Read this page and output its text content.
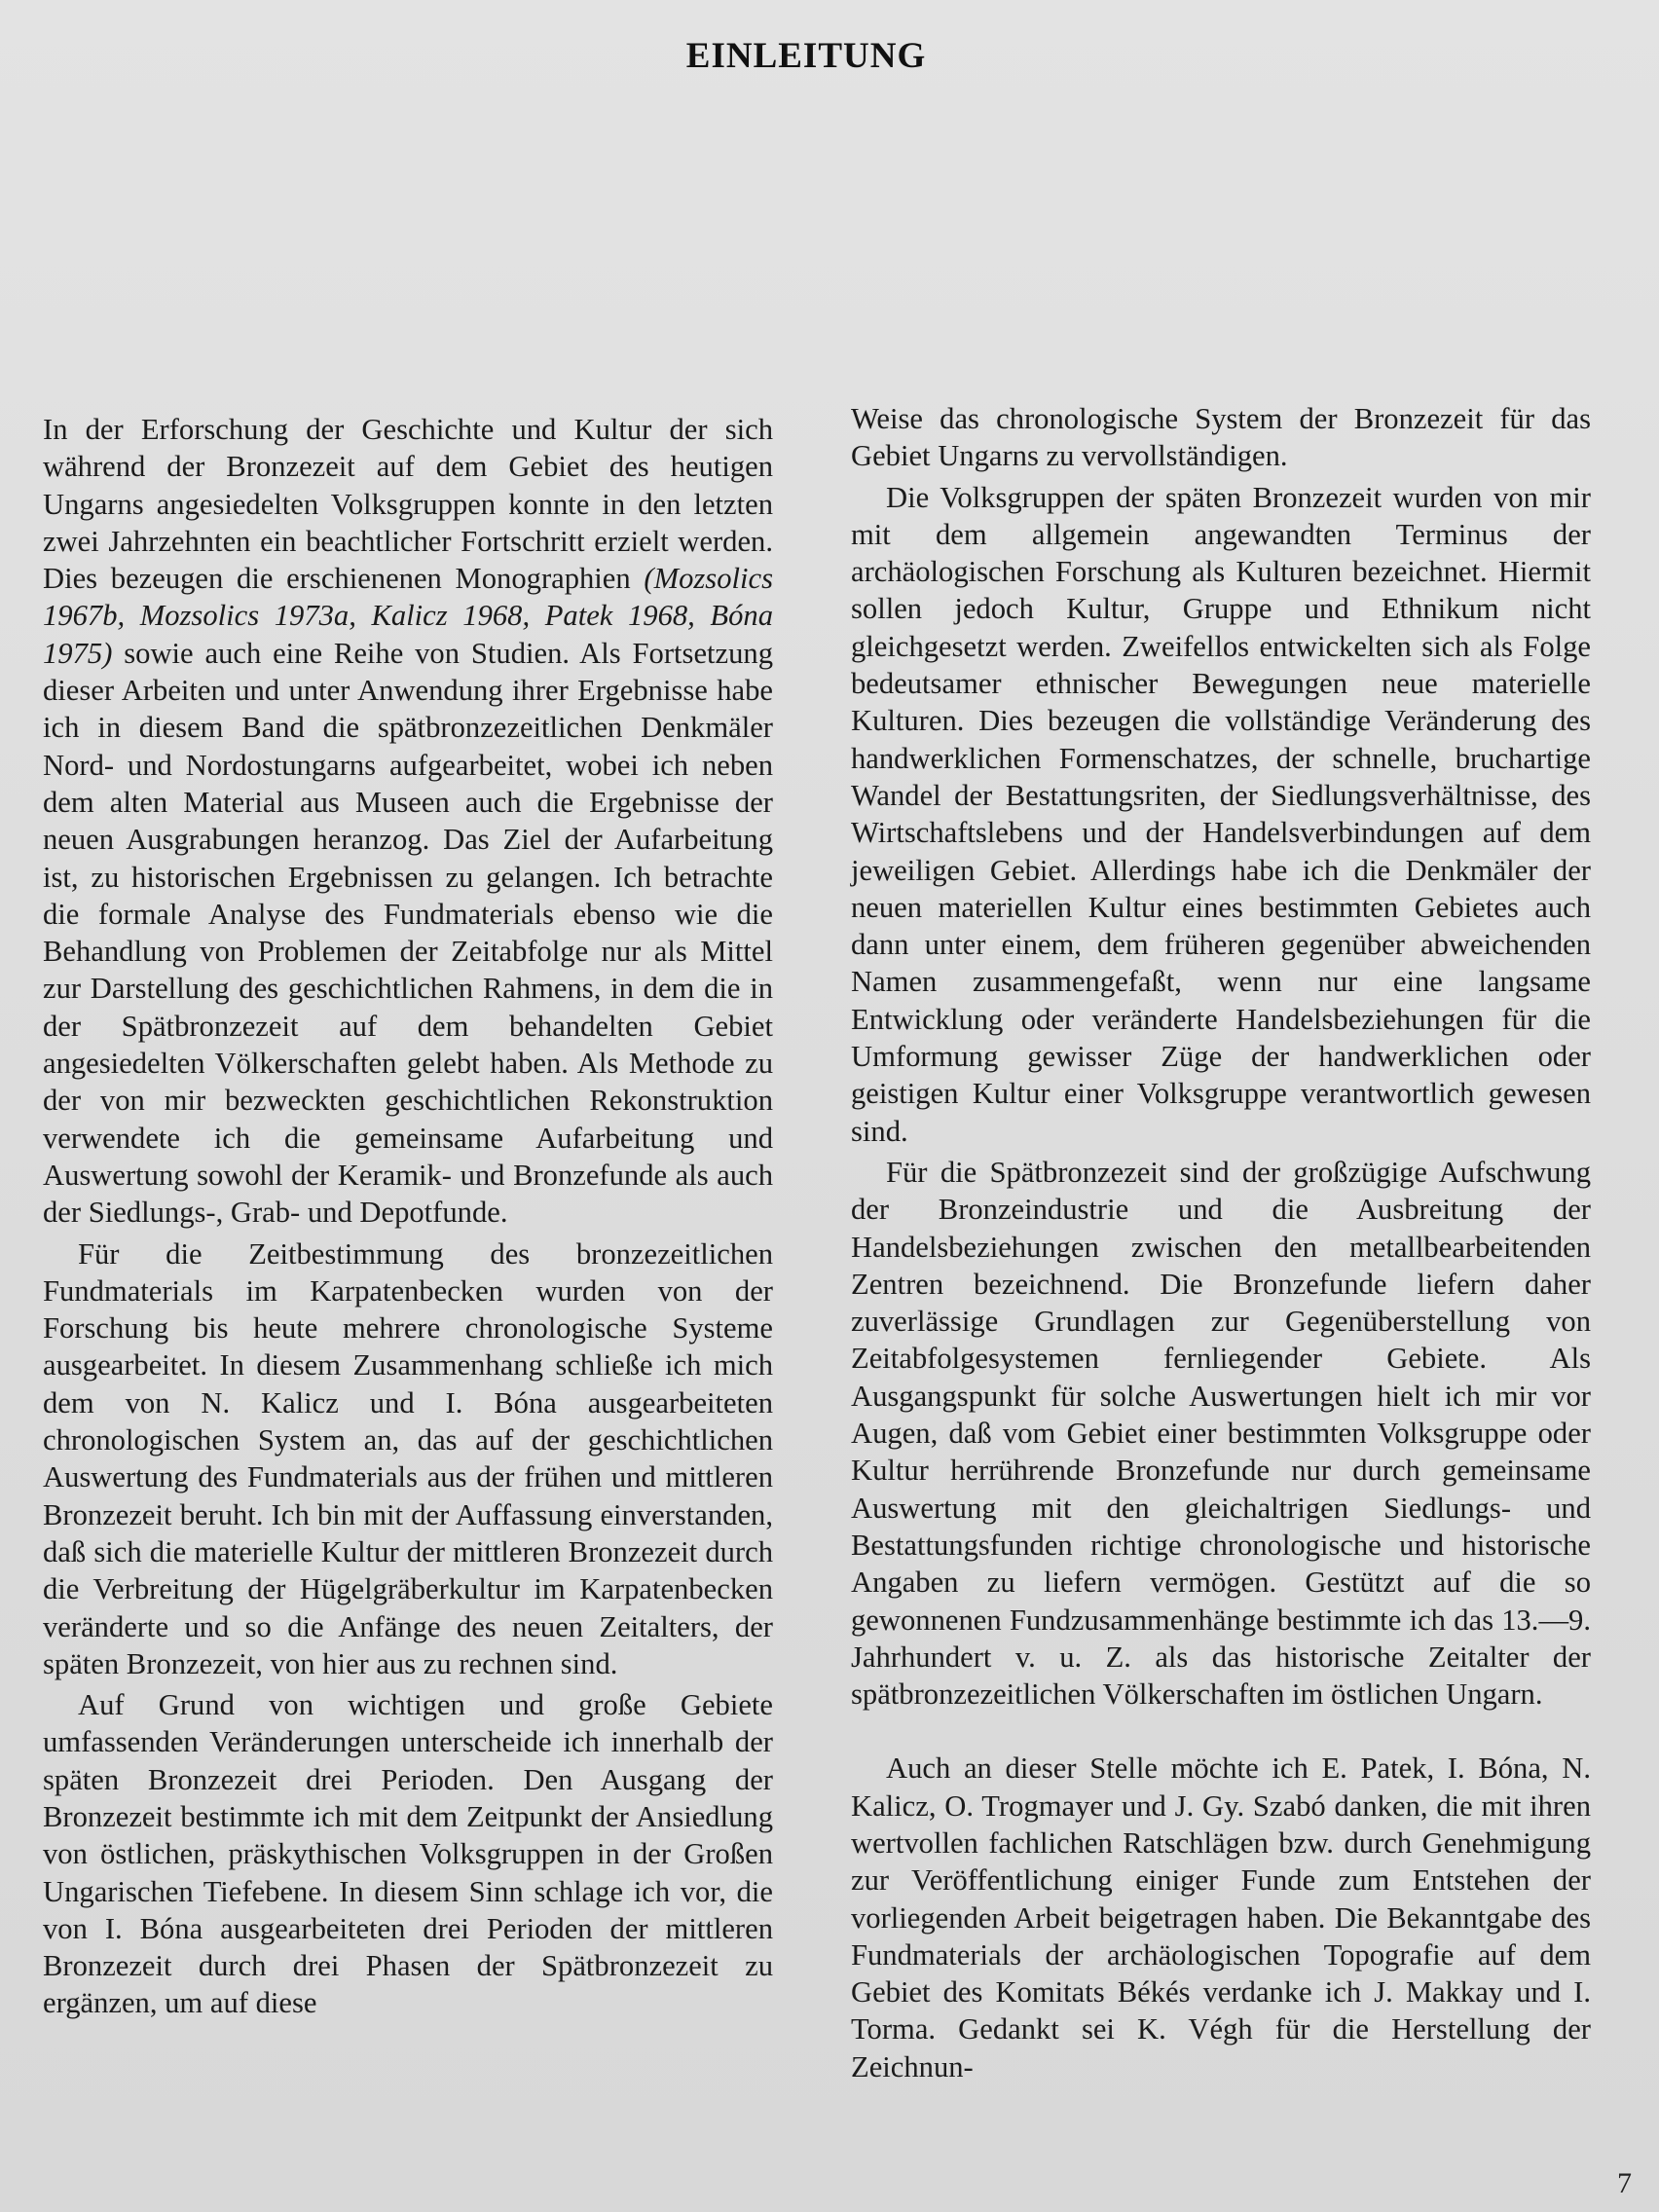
EINLEITUNG

In der Erforschung der Geschichte und Kultur der sich während der Bronzezeit auf dem Gebiet des heutigen Ungarns angesiedelten Volksgruppen konnte in den letzten zwei Jahrzehnten ein beachtlicher Fortschritt erzielt werden. Dies bezeugen die erschienenen Monographien (Mozsolics 1967b, Mozsolics 1973a, Kalicz 1968, Patek 1968, Bóna 1975) sowie auch eine Reihe von Studien. Als Fortsetzung dieser Arbeiten und unter Anwendung ihrer Ergebnisse habe ich in diesem Band die spätbronzezeitlichen Denkmäler Nord- und Nordostungarns aufgearbeitet, wobei ich neben dem alten Material aus Museen auch die Ergebnisse der neuen Ausgrabungen heranzog. Das Ziel der Aufarbeitung ist, zu historischen Ergebnissen zu gelangen. Ich betrachte die formale Analyse des Fundmaterials ebenso wie die Behandlung von Problemen der Zeitabfolge nur als Mittel zur Darstellung des geschichtlichen Rahmens, in dem die in der Spätbronzezeit auf dem behandelten Gebiet angesiedelten Völkerschaften gelebt haben. Als Methode zu der von mir bezweckten geschichtlichen Rekonstruktion verwendete ich die gemeinsame Aufarbeitung und Auswertung sowohl der Keramik- und Bronzefunde als auch der Siedlungs-, Grab- und Depotfunde.

Für die Zeitbestimmung des bronzezeitlichen Fundmaterials im Karpatenbecken wurden von der Forschung bis heute mehrere chronologische Systeme ausgearbeitet. In diesem Zusammenhang schließe ich mich dem von N. Kalicz und I. Bóna ausgearbeiteten chronologischen System an, das auf der geschichtlichen Auswertung des Fundmaterials aus der frühen und mittleren Bronzezeit beruht. Ich bin mit der Auffassung einverstanden, daß sich die materielle Kultur der mittleren Bronzezeit durch die Verbreitung der Hügelgräberkultur im Karpatenbecken veränderte und so die Anfänge des neuen Zeitalters, der späten Bronzezeit, von hier aus zu rechnen sind.

Auf Grund von wichtigen und große Gebiete umfassenden Veränderungen unterscheide ich innerhalb der späten Bronzezeit drei Perioden. Den Ausgang der Bronzezeit bestimmte ich mit dem Zeitpunkt der Ansiedlung von östlichen, präskythischen Volksgruppen in der Großen Ungarischen Tiefebene. In diesem Sinn schlage ich vor, die von I. Bóna ausgearbeiteten drei Perioden der mittleren Bronzezeit durch drei Phasen der Spätbronzezeit zu ergänzen, um auf diese

Weise das chronologische System der Bronzezeit für das Gebiet Ungarns zu vervollständigen.

Die Volksgruppen der späten Bronzezeit wurden von mir mit dem allgemein angewandten Terminus der archäologischen Forschung als Kulturen bezeichnet. Hiermit sollen jedoch Kultur, Gruppe und Ethnikum nicht gleichgesetzt werden. Zweifellos entwickelten sich als Folge bedeutsamer ethnischer Bewegungen neue materielle Kulturen. Dies bezeugen die vollständige Veränderung des handwerklichen Formenschatzes, der schnelle, bruchartige Wandel der Bestattungsriten, der Siedlungsverhältnisse, des Wirtschaftslebens und der Handelsverbindungen auf dem jeweiligen Gebiet. Allerdings habe ich die Denkmäler der neuen materiellen Kultur eines bestimmten Gebietes auch dann unter einem, dem früheren gegenüber abweichenden Namen zusammengefaßt, wenn nur eine langsame Entwicklung oder veränderte Handelsbeziehungen für die Umformung gewisser Züge der handwerklichen oder geistigen Kultur einer Volksgruppe verantwortlich gewesen sind.

Für die Spätbronzezeit sind der großzügige Aufschwung der Bronzeindustrie und die Ausbreitung der Handelsbeziehungen zwischen den metallbearbeitenden Zentren bezeichnend. Die Bronzefunde liefern daher zuverlässige Grundlagen zur Gegenüberstellung von Zeitabfolgesystemen fernliegender Gebiete. Als Ausgangspunkt für solche Auswertungen hielt ich mir vor Augen, daß vom Gebiet einer bestimmten Volksgruppe oder Kultur herrührende Bronzefunde nur durch gemeinsame Auswertung mit den gleichaltrigen Siedlungs- und Bestattungsfunden richtige chronologische und historische Angaben zu liefern vermögen. Gestützt auf die so gewonnenen Fundzusammenhänge bestimmte ich das 13.—9. Jahrhundert v. u. Z. als das historische Zeitalter der spätbronzezeitlichen Völkerschaften im östlichen Ungarn.

Auch an dieser Stelle möchte ich E. Patek, I. Bóna, N. Kalicz, O. Trogmayer und J. Gy. Szabó danken, die mit ihren wertvollen fachlichen Ratschlägen bzw. durch Genehmigung zur Veröffentlichung einiger Funde zum Entstehen der vorliegenden Arbeit beigetragen haben. Die Bekanntgabe des Fundmaterials der archäologischen Topografie auf dem Gebiet des Komitats Békés verdanke ich J. Makkay und I. Torma. Gedankt sei K. Végh für die Herstellung der Zeichnun-

7
